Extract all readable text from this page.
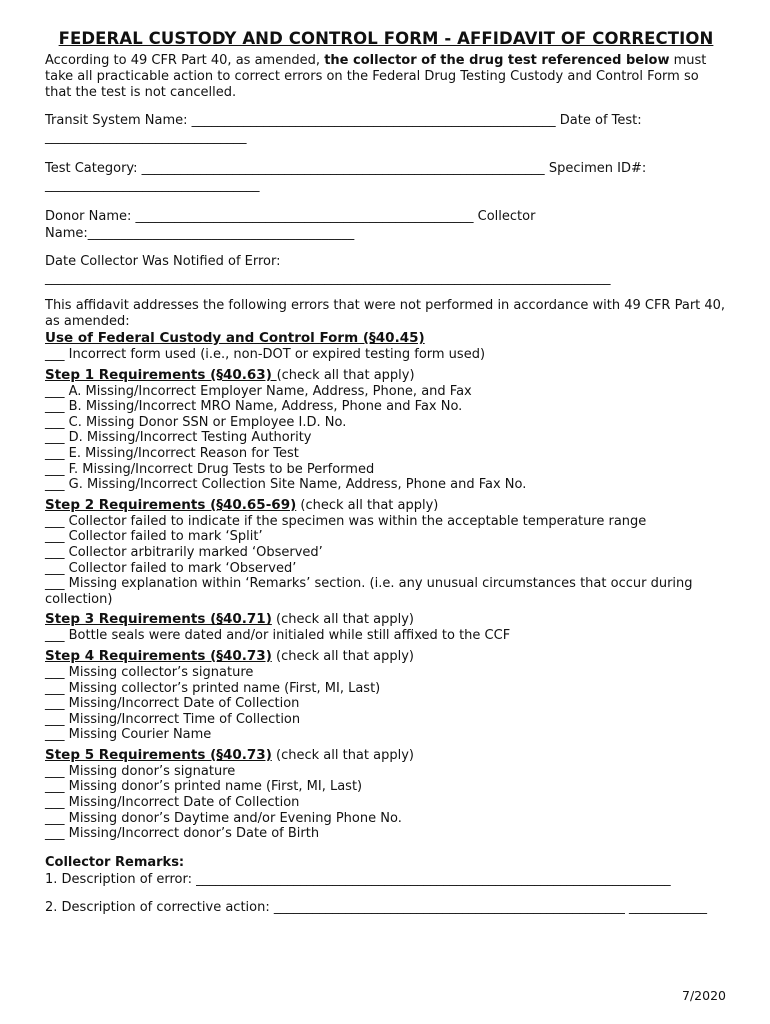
FEDERAL CUSTODY AND CONTROL FORM - AFFIDAVIT OF CORRECTION

According to 49 CFR Part 40, as amended, the collector of the drug test referenced below must take all practicable action to correct errors on the Federal Drug Testing Custody and Control Form so that the test is not cancelled.

Transit System Name: ________________________________________________________ Date of Test: _______________________________

Test Category: ______________________________________________________________ Specimen ID#: _________________________________

Donor Name: ____________________________________________________ Collector Name:_________________________________________

Date Collector Was Notified of Error:

_______________________________________________________________________________________

This affidavit addresses the following errors that were not performed in accordance with 49 CFR Part 40, as amended:

Use of Federal Custody and Control Form (§40.45)

___ Incorrect form used (i.e., non-DOT or expired testing form used)

Step 1 Requirements (§40.63) (check all that apply)

___ A. Missing/Incorrect Employer Name, Address, Phone, and Fax

___ B. Missing/Incorrect MRO Name, Address, Phone and Fax No.

___ C. Missing Donor SSN or Employee I.D. No.

___ D. Missing/Incorrect Testing Authority

___ E. Missing/Incorrect Reason for Test

___ F. Missing/Incorrect Drug Tests to be Performed

___ G. Missing/Incorrect Collection Site Name, Address, Phone and Fax No.

Step 2 Requirements (§40.65-69) (check all that apply)

___ Collector failed to indicate if the specimen was within the acceptable temperature range

___ Collector failed to mark ‘Split’

___ Collector arbitrarily marked ‘Observed’

___ Collector failed to mark ‘Observed’

___ Missing explanation within ‘Remarks’ section. (i.e. any unusual circumstances that occur during collection)

Step 3 Requirements (§40.71) (check all that apply)

___ Bottle seals were dated and/or initialed while still affixed to the CCF

Step 4 Requirements (§40.73) (check all that apply)

___ Missing collector’s signature

___ Missing collector’s printed name (First, MI, Last)

___ Missing/Incorrect Date of Collection

___ Missing/Incorrect Time of Collection

___ Missing Courier Name

Step 5 Requirements (§40.73) (check all that apply)

___ Missing donor’s signature

___ Missing donor’s printed name (First, MI, Last)

___ Missing/Incorrect Date of Collection

___ Missing donor’s Daytime and/or Evening Phone No.

___ Missing/Incorrect donor’s Date of Birth

Collector Remarks:

1. Description of error: _________________________________________________________________________

2. Description of corrective action: ______________________________________________________ ____________

7/2020
